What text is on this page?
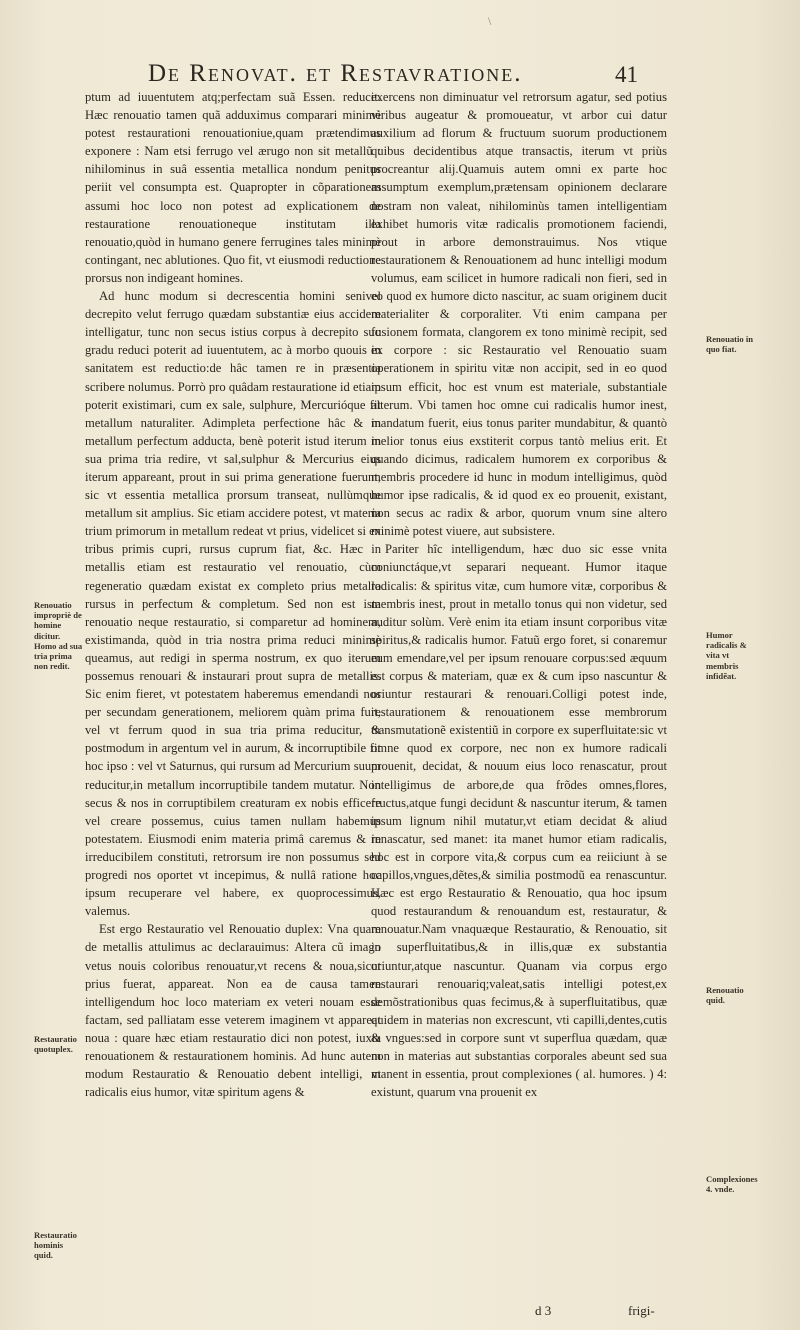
De Renovat. et Restavratione.	41

ptum ad iuuentutem atq;perfectam suã Essen. reducit. Hæc renouatio tamen quã adduximus comparari minimè potest restaurationi renouationiue,quam prætendimus exponere : Nam etsi ferrugo vel ærugo non sit metallũ : nihilominus in suâ essentia metallica nondum penitus periit vel consumpta est. Quapropter in cõparationem assumi hoc loco non potest ad explicationem de restauratione renouationeque institutam illa renouatio,quòd in humano genere ferrugines tales minimè contingant, nec ablutiones. Quo fit, vt eiusmodi reductione prorsus non indigeant homines.

Ad hunc modum si decrescentia homini senivel decrepito velut ferrugo quædam substantiæ eius accidere intelligatur, tunc non secus istius corpus à decrepito suo gradu reduci poterit ad iuuentutem, ac à morbo quouis in sanitatem est reductio:de hâc tamen re in præsentia scribere nolumus. Porrò pro quâdam restauratione id etiam poterit existimari, cum ex sale, sulphure, Mercurióque fit metallum naturaliter. Adimpleta perfectione hâc & in metallum perfectum adducta, benè poterit istud iterum in sua prima tria redire, vt sal,sulphur & Mercurius eius iterum appareant, prout in sui prima generatione fuerunt, sic vt essentia metallica prorsum transeat, nullùmque metallum sit amplius. Sic etiam accidere potest, vt materia trium primorum in metallum redeat vt prius, videlicet si ex tribus primis cupri, rursus cuprum fiat, &c. Hæc in metallis etiam est restauratio vel renouatio, cùm regeneratio quædam existat ex completo prius metallo rursus in perfectum & completum. Sed non est ista renouatio neque restauratio, si comparetur ad hominem, existimanda, quòd in tria nostra prima reduci minimè queamus, aut redigi in sperma nostrum, ex quo iterum possemus renouari & instaurari prout supra de metallis. Sic enim fieret, vt potestatem haberemus emendandi nos per secundam generationem, meliorem quàm prima fuit, vel vt ferrum quod in sua tria prima reducitur, & postmodum in argentum vel in aurum, & incorruptibile fit hoc ipso : vel vt Saturnus, qui rursum ad Mercurium suum reducitur,in metallum incorruptibile tandem mutatur. Non secus & nos in corruptibilem creaturam ex nobis efficere vel creare possemus, cuius tamen nullam habemus potestatem. Eiusmodi enim materia primâ caremus & in irreducibilem constituti, retrorsum ire non possumus sed progredi nos oportet vt incepimus, & nullâ ratione hoc ipsum recuperare vel habere, ex quoprocessimus, valemus.

Est ergo Restauratio vel Renouatio duplex: Vna quam de metallis attulimus ac declarauimus: Altera cũ imago vetus nouis coloribus renouatur,vt recens & noua,sicut prius fuerat, appareat. Non ea de causa tamen intelligendum hoc loco materiam ex veteri nouam esse factam, sed palliatam esse veterem imaginem vt appareat noua : quare hæc etiam restauratio dici non potest, iuxta renouationem & restaurationem hominis. Ad hunc autem modum Restauratio & Renouatio debent intelligi, vt radicalis eius humor, vitæ spiritum agens &

exercens non diminuatur vel retrorsum agatur, sed potius viribus augeatur & promoueatur, vt arbor cui datur auxilium ad florum & fructuum suorum productionem quibus decidentibus atque transactis, iterum vt priùs procreantur alij.Quamuis autem omni ex parte hoc assumptum exemplum,prætensam opinionem declarare nostram non valeat, nihilominùs tamen intelligentiam exhibet humoris vitæ radicalis promotionem faciendi, prout in arbore demonstrauimus. Nos vtique restaurationem & Renouationem ad hunc intelligi modum volumus, eam scilicet in humore radicali non fieri, sed in eo quod ex humore dicto nascitur, ac suam originem ducit materialiter & corporaliter. Vti enim campana per fusionem formata, clangorem ex tono minimè recipit, sed ex corpore : sic Restauratio vel Renouatio suam operationem in spiritu vitæ non accipit, sed in eo quod ipsum efficit, hoc est vnum est materiale, substantiale alterum. Vbi tamen hoc omne cui radicalis humor inest, mandatum fuerit, eius tonus pariter mundabitur, & quantò melior tonus eius exstiterit corpus tantò melius erit. Et quando dicimus, radicalem humorem ex corporibus & membris procedere id hunc in modum intelligimus, quòd humor ipse radicalis, & id quod ex eo prouenit, existant, non secus ac radix & arbor, quorum vnum sine altero minimè potest viuere, aut subsistere.

Pariter hîc intelligendum, hæc duo sic esse vnita coniunctáque,vt separari nequeant. Humor itaque radicalis: & spiritus vitæ, cum humore vitæ, corporibus & membris inest, prout in metallo tonus qui non videtur, sed auditur solùm. Verè enim ita etiam insunt corporibus vitæ spiritus,& radicalis humor. Fatuũ ergo foret, si conaremur eum emendare,vel per ipsum renouare corpus:sed æquum est corpus & materiam, quæ ex & cum ipso nascuntur & oriuntur restaurari & renouari.Colligi potest inde, restaurationem & renouationem esse membrorum transmutationẽ existentiũ in corpore ex superfluitate:sic vt omne quod ex corpore, nec non ex humore radicali prouenit, decidat, & nouum eius loco renascatur, prout intelligimus de arbore,de qua frõdes omnes,flores, fructus,atque fungi decidunt & nascuntur iterum, & tamen ipsum lignum nihil mutatur,vt etiam decidat & aliud renascatur, sed manet: ita manet humor etiam radicalis, hoc est in corpore vita,& corpus cum ea reiiciunt à se capillos,vngues,dẽtes,& similia postmodũ ea renascuntur. Hæc est ergo Restauratio & Renouatio, qua hoc ipsum quod restaurandum & renouandum est, restauratur, & renouatur.Nam vnaquæque Restauratio, & Renouatio, sit in superfluitatibus,& in illis,quæ ex substantia oriuntur,atque nascuntur. Quanam via corpus ergo restaurari renouariq;valeat,satis intelligi potest,ex demõstrationibus quas fecimus,& à superfluitatibus, quæ quidem in materias non excrescunt, vti capilli,dentes,cutis & vngues:sed in corpore sunt vt superflua quædam, quæ non in materias aut substantias corporales abeunt sed sua manent in essentia, prout complexiones ( al. humores. ) 4: existunt, quarum vna prouenit ex

Renouatio impropriè de homine dicitur. Homo ad sua tria prima non redit.
Restauratio quotuplex.
Restauratio hominis quid.
Renouatio in quo fiat.
Humor radicalis & vita vt membris infidẽat.
Renouatio quid.
Complexiones 4. vnde.
d 3	frigi-
\
